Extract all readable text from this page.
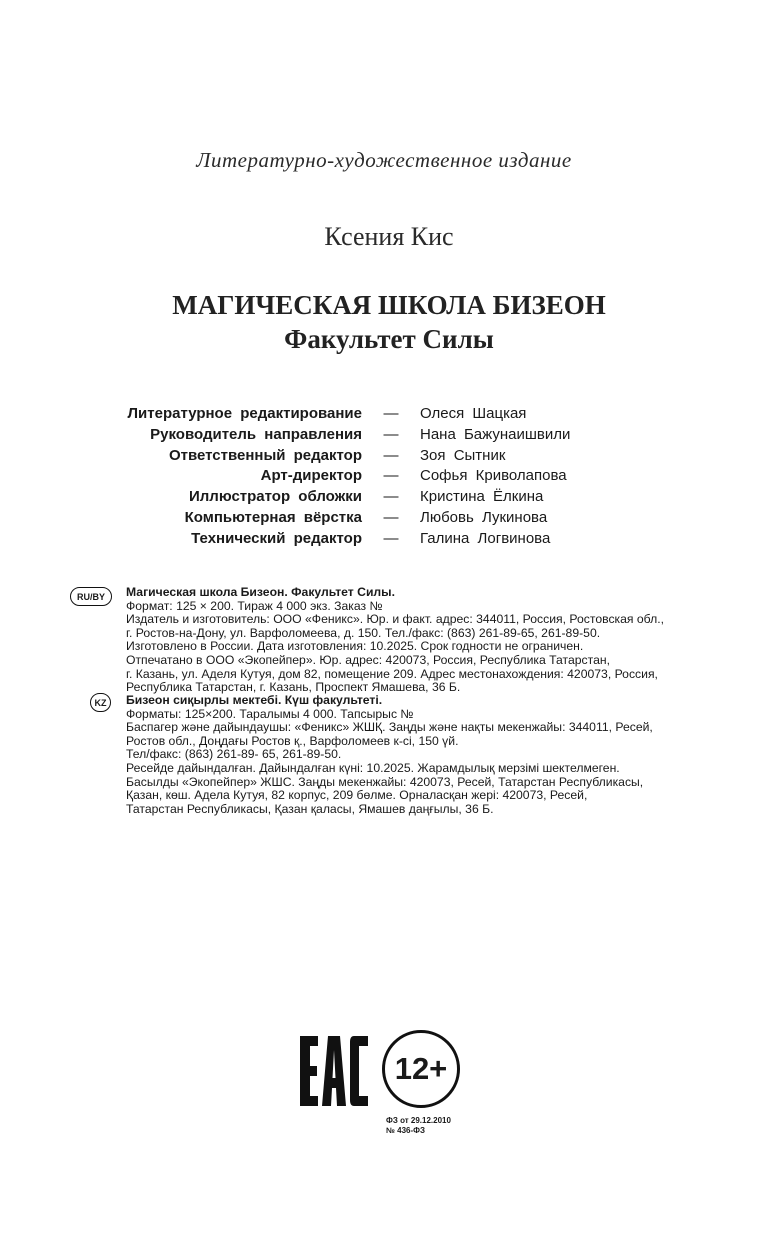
Литературно-художественное издание
Ксения Кис
МАГИЧЕСКАЯ ШКОЛА БИЗЕОН
Факультет Силы
Литературное редактирование	—	Олеся Шацкая
Руководитель направления	—	Нана Бажунаишвили
Ответственный редактор	—	Зоя Сытник
Арт-директор	—	Софья Криволапова
Иллюстратор обложки	—	Кристина Ёлкина
Компьютерная вёрстка	—	Любовь Лукинова
Технический редактор	—	Галина Логвинова
RU/BY	Магическая школа Бизеон. Факультет Силы.
Формат: 125 × 200. Тираж 4 000 экз. Заказ №
Издатель и изготовитель: ООО «Феникс». Юр. и факт. адрес: 344011, Россия, Ростовская обл.,
г. Ростов-на-Дону, ул. Варфоломеева, д. 150. Тел./факс: (863) 261-89-65, 261-89-50.
Изготовлено в России. Дата изготовления: 10.2025. Срок годности не ограничен.
Отпечатано в ООО «Экопейпер». Юр. адрес: 420073, Россия, Республика Татарстан,
г. Казань, ул. Аделя Кутуя, дом 82, помещение 209. Адрес местонахождения: 420073, Россия,
Республика Татарстан, г. Казань, Проспект Ямашева, 36 Б.
KZ	Бизеон сиқырлы мектебі. Күш факультеті.
Форматы: 125×200. Таралымы 4 000. Тапсырыс №
Баспагер және дайындаушы: «Феникс» ЖШҚ. Заңды және нақты мекенжайы: 344011, Ресей,
Ростов обл., Доңдағы Ростов қ., Варфоломеев к-сі, 150 үй.
Тел/факс: (863) 261-89- 65, 261-89-50.
Ресейде дайындалған. Дайындалған күні: 10.2025. Жарамдылық мерзімі шектелмеген.
Басылды «Экопейпер» ЖШС. Заңды мекенжайы: 420073, Ресей, Татарстан Республикасы,
Қазан, көш. Адела Кутуя, 82 корпус, 209 бөлме. Орналасқан жері: 420073, Ресей,
Татарстан Республикасы, Қазан қаласы, Ямашев даңғылы, 36 Б.
12+
ФЗ от 29.12.2010
№ 436-ФЗ
